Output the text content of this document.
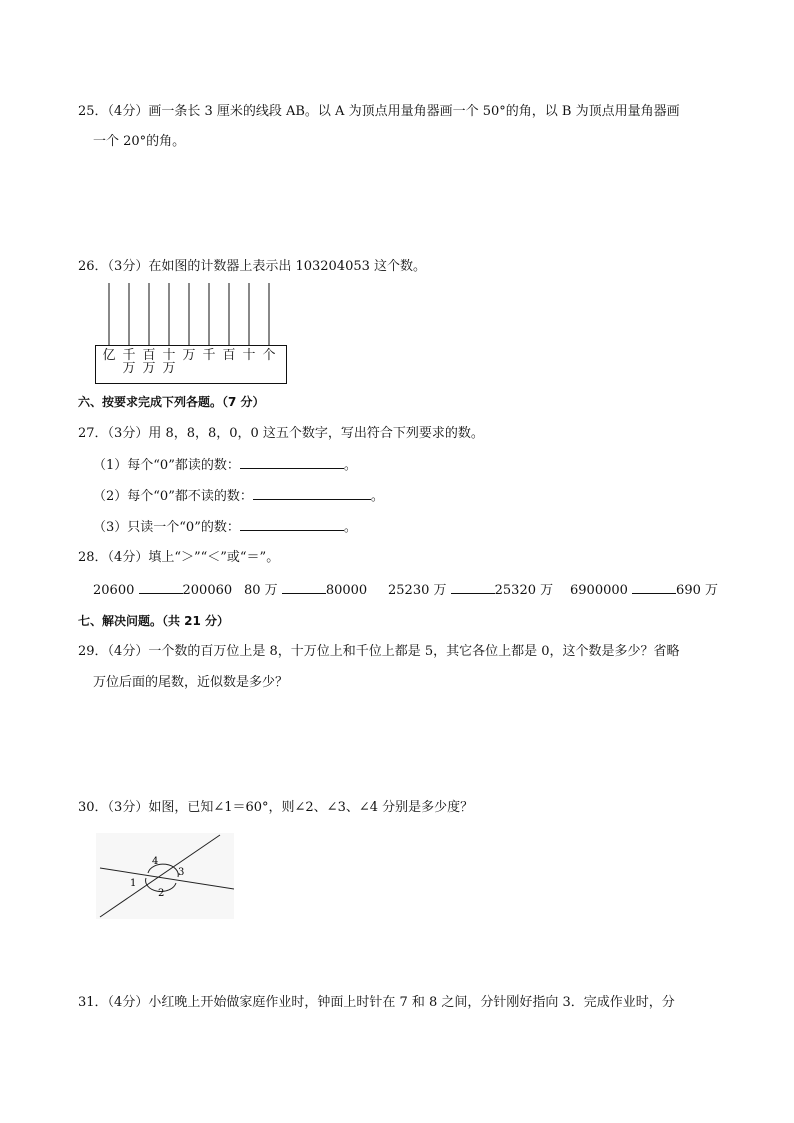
25．（4分）画一条长 3 厘米的线段 AB。以 A 为顶点用量角器画一个 50°的角，以 B 为顶点用量角器画
一个 20°的角。
26．（3分）在如图的计数器上表示出 103204053 这个数。
亿 千
万
百
万
十
万
万 千 百 十 个
六、按要求完成下列各题。（7 分）
27．（3分）用 8，8，8，0，0 这五个数字，写出符合下列要求的数。
（1）每个“0”都读的数：	。
（2）每个“0”都不读的数：	。
（3）只读一个“0”的数：	。
28．（4分）填上“＞”“＜”或“＝”。
20600	200060 80 万	80000 25230 万	25320 万 6900000	690 万
七、解决问题。（共 21 分）
29．（4分）一个数的百万位上是 8，十万位上和千位上都是 5，其它各位上都是 0，这个数是多少？省略
万位后面的尾数，近似数是多少？
30．（3分）如图，已知∠1＝60°，则∠2、∠3、∠4 分别是多少度？
1
2
3
4
31．（4分）小红晚上开始做家庭作业时，钟面上时针在 7 和 8 之间，分针刚好指向 3．完成作业时，分
